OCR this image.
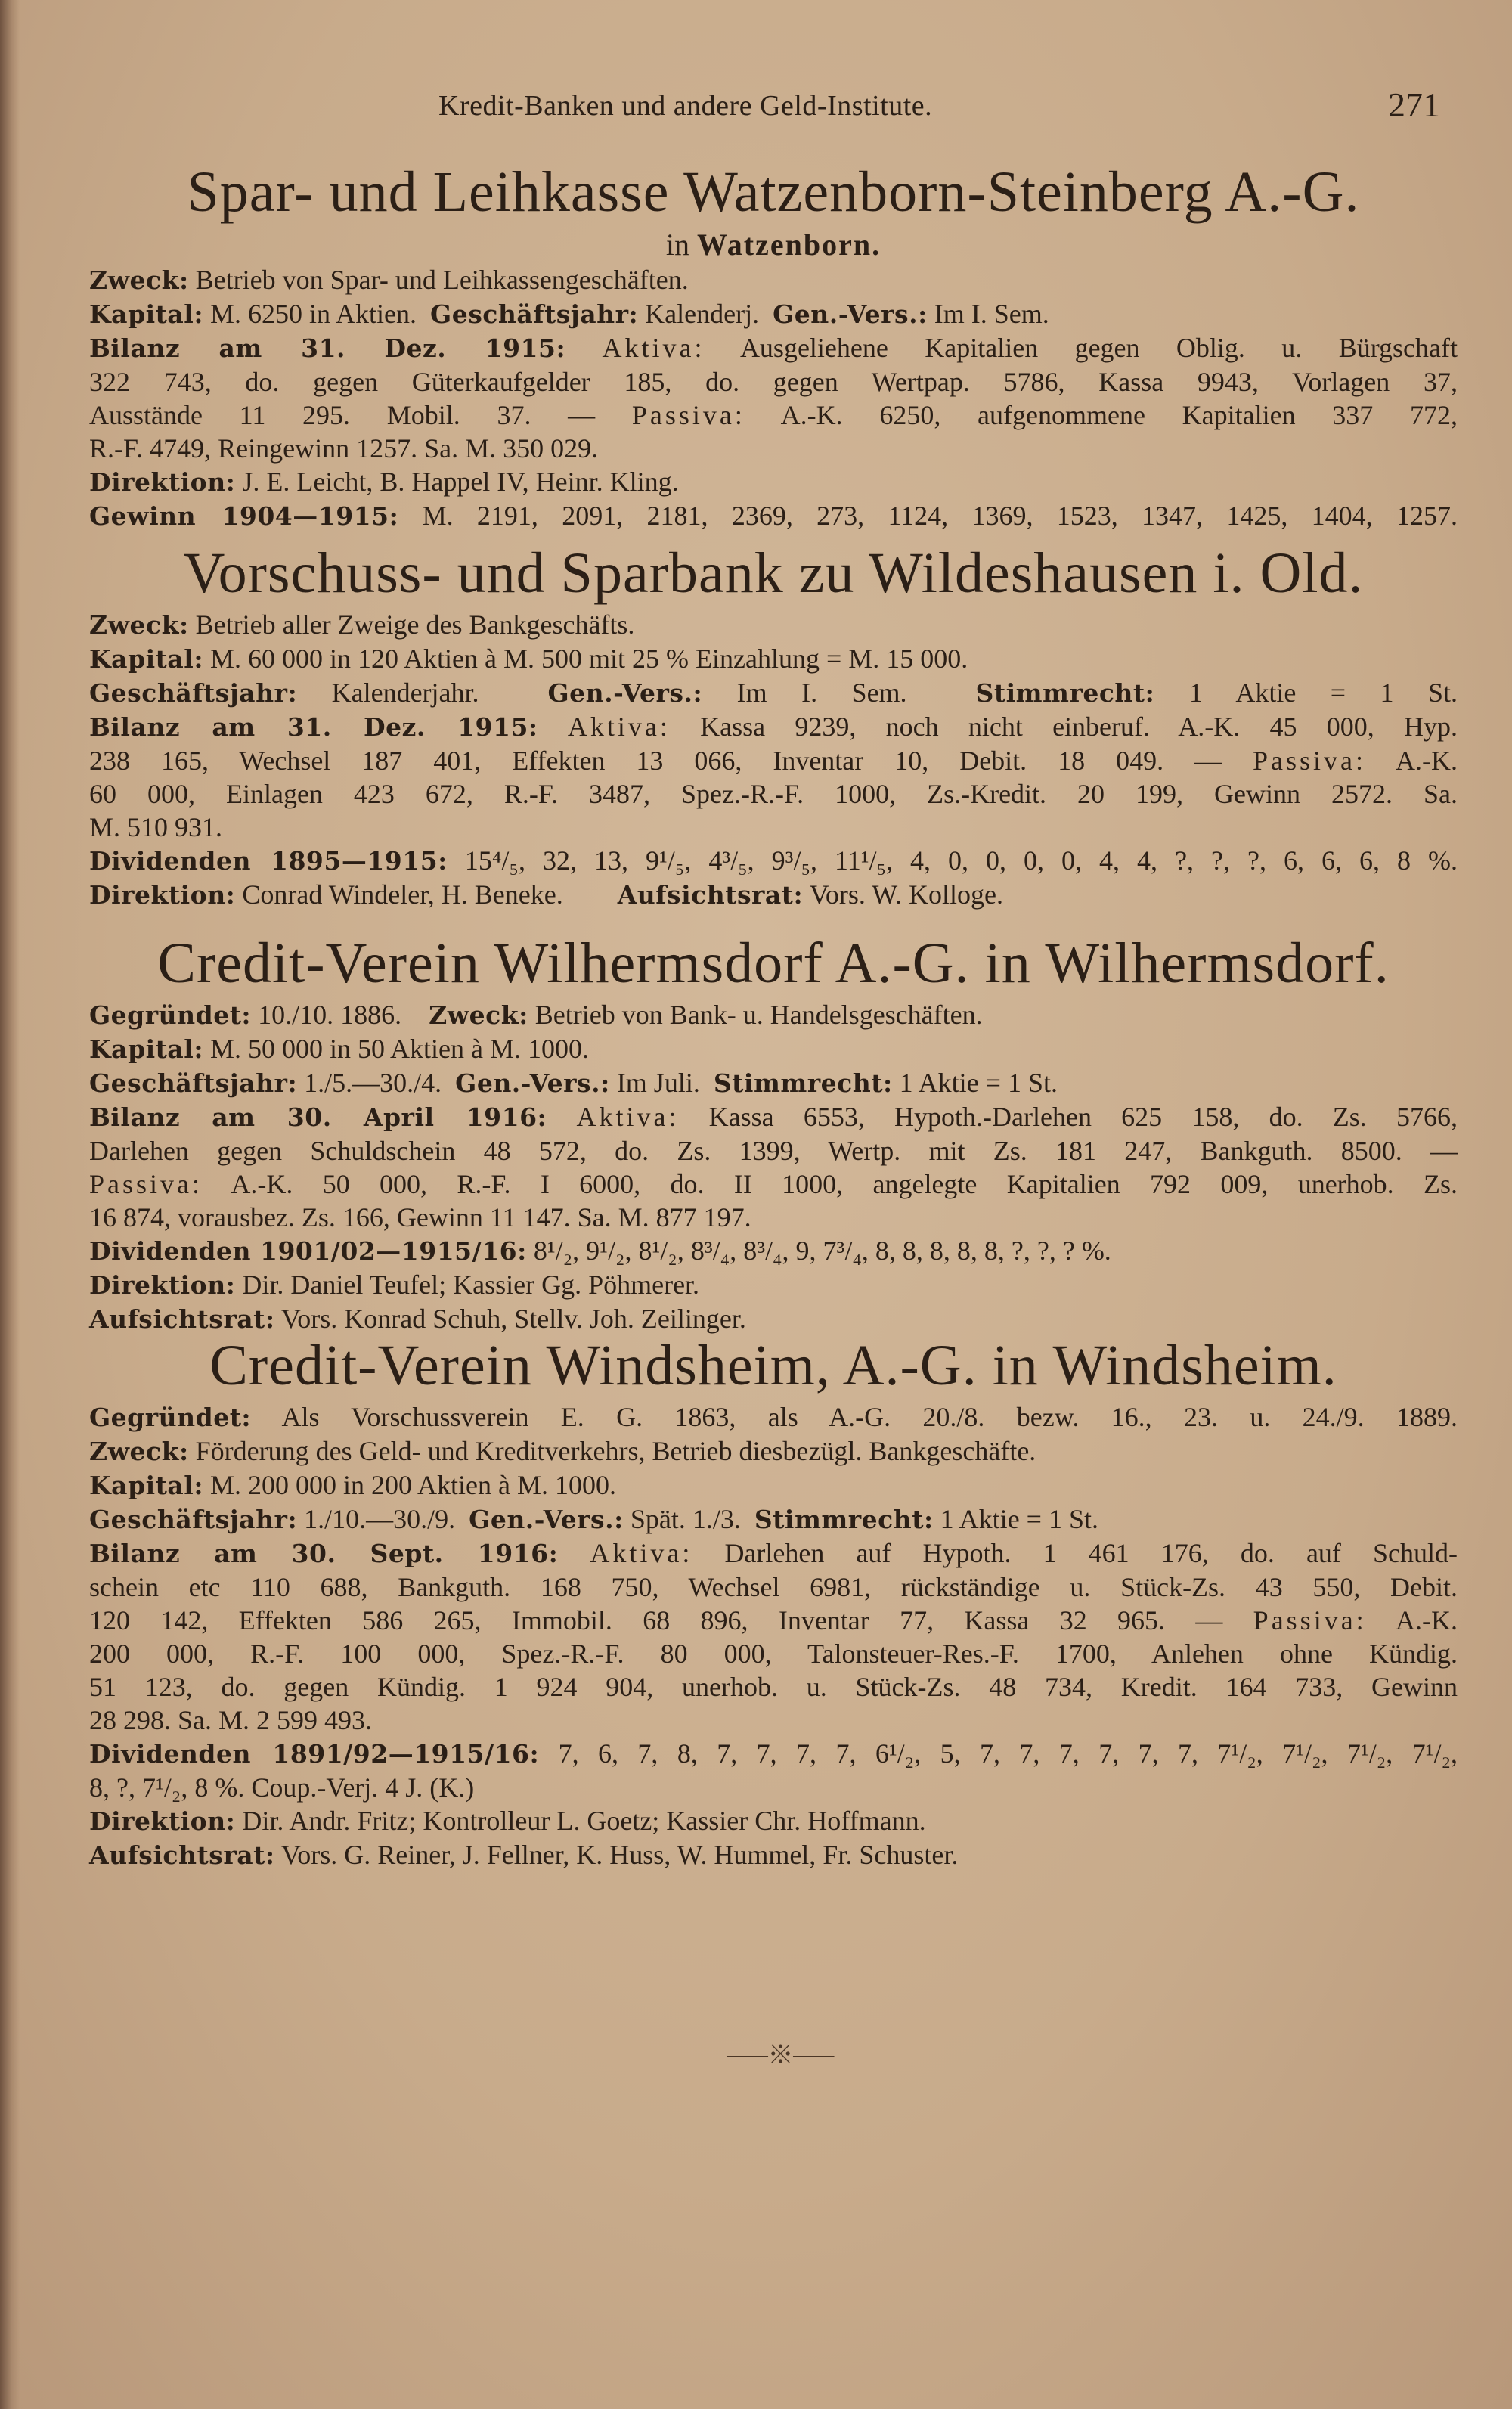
Kredit-Banken und andere Geld-Institute.	271
Spar- und Leihkasse Watzenborn-Steinberg A.-G.
in Watzenborn.
Zweck: Betrieb von Spar- und Leihkassengeschäften.
Kapital: M. 6250 in Aktien. Geschäftsjahr: Kalenderj. Gen.-Vers.: Im I. Sem.
Bilanz am 31. Dez. 1915: Aktiva: Ausgeliehene Kapitalien gegen Oblig. u. Bürgschaft
322 743, do. gegen Güterkaufgelder 185, do. gegen Wertpap. 5786, Kassa 9943, Vorlagen 37,
Ausstände 11 295. Mobil. 37. — Passiva: A.-K. 6250, aufgenommene Kapitalien 337 772,
R.-F. 4749, Reingewinn 1257. Sa. M. 350 029.
Direktion: J. E. Leicht, B. Happel IV, Heinr. Kling.
Gewinn 1904—1915: M. 2191, 2091, 2181, 2369, 273, 1124, 1369, 1523, 1347, 1425, 1404, 1257.
Vorschuss- und Sparbank zu Wildeshausen i. Old.
Zweck: Betrieb aller Zweige des Bankgeschäfts.
Kapital: M. 60 000 in 120 Aktien à M. 500 mit 25 % Einzahlung = M. 15 000.
Geschäftsjahr: Kalenderjahr.	Gen.-Vers.: Im I. Sem.	Stimmrecht: 1 Aktie = 1 St.
Bilanz am 31. Dez. 1915: Aktiva: Kassa 9239, noch nicht einberuf. A.-K. 45 000, Hyp.
238 165, Wechsel 187 401, Effekten 13 066, Inventar 10, Debit. 18 049. — Passiva: A.-K.
60 000, Einlagen 423 672, R.-F. 3487, Spez.-R.-F. 1000, Zs.-Kredit. 20 199, Gewinn 2572. Sa.
M. 510 931.
Dividenden 1895—1915: 15⁴/₅, 32, 13, 9¹/₅, 4³/₅, 9³/₅, 11¹/₅, 4, 0, 0, 0, 0, 4, 4, ?, ?, ?, 6, 6, 6, 8 %.
Direktion: Conrad Windeler, H. Beneke. Aufsichtsrat: Vors. W. Kolloge.
Credit-Verein Wilhermsdorf A.-G. in Wilhermsdorf.
Gegründet: 10./10. 1886. Zweck: Betrieb von Bank- u. Handelsgeschäften.
Kapital: M. 50 000 in 50 Aktien à M. 1000.
Geschäftsjahr: 1./5.—30./4. Gen.-Vers.: Im Juli. Stimmrecht: 1 Aktie = 1 St.
Bilanz am 30. April 1916: Aktiva: Kassa 6553, Hypoth.-Darlehen 625 158, do. Zs. 5766,
Darlehen gegen Schuldschein 48 572, do. Zs. 1399, Wertp. mit Zs. 181 247, Bankguth. 8500. —
Passiva: A.-K. 50 000, R.-F. I 6000, do. II 1000, angelegte Kapitalien 792 009, unerhob. Zs.
16 874, vorausbez. Zs. 166, Gewinn 11 147. Sa. M. 877 197.
Dividenden 1901/02—1915/16: 8¹/₂, 9¹/₂, 8¹/₂, 8³/₄, 8³/₄, 9, 7³/₄, 8, 8, 8, 8, 8, ?, ?, ? %.
Direktion: Dir. Daniel Teufel; Kassier Gg. Pöhmerer.
Aufsichtsrat: Vors. Konrad Schuh, Stellv. Joh. Zeilinger.
Credit-Verein Windsheim, A.-G. in Windsheim.
Gegründet: Als Vorschussverein E. G. 1863, als A.-G. 20./8. bezw. 16., 23. u. 24./9. 1889.
Zweck: Förderung des Geld- und Kreditverkehrs, Betrieb diesbezügl. Bankgeschäfte.
Kapital: M. 200 000 in 200 Aktien à M. 1000.
Geschäftsjahr: 1./10.—30./9. Gen.-Vers.: Spät. 1./3. Stimmrecht: 1 Aktie = 1 St.
Bilanz am 30. Sept. 1916: Aktiva: Darlehen auf Hypoth. 1 461 176, do. auf Schuld-
schein etc 110 688, Bankguth. 168 750, Wechsel 6981, rückständige u. Stück-Zs. 43 550, Debit.
120 142, Effekten 586 265, Immobil. 68 896, Inventar 77, Kassa 32 965. — Passiva: A.-K.
200 000, R.-F. 100 000, Spez.-R.-F. 80 000, Talonsteuer-Res.-F. 1700, Anlehen ohne Kündig.
51 123, do. gegen Kündig. 1 924 904, unerhob. u. Stück-Zs. 48 734, Kredit. 164 733, Gewinn
28 298. Sa. M. 2 599 493.
Dividenden 1891/92—1915/16: 7, 6, 7, 8, 7, 7, 7, 7, 6¹/₂, 5, 7, 7, 7, 7, 7, 7, 7¹/₂, 7¹/₂, 7¹/₂, 7¹/₂,
8, ?, 7¹/₂, 8 %. Coup.-Verj. 4 J. (K.)
Direktion: Dir. Andr. Fritz; Kontrolleur L. Goetz; Kassier Chr. Hoffmann.
Aufsichtsrat: Vors. G. Reiner, J. Fellner, K. Huss, W. Hummel, Fr. Schuster.
⸺※⸺
